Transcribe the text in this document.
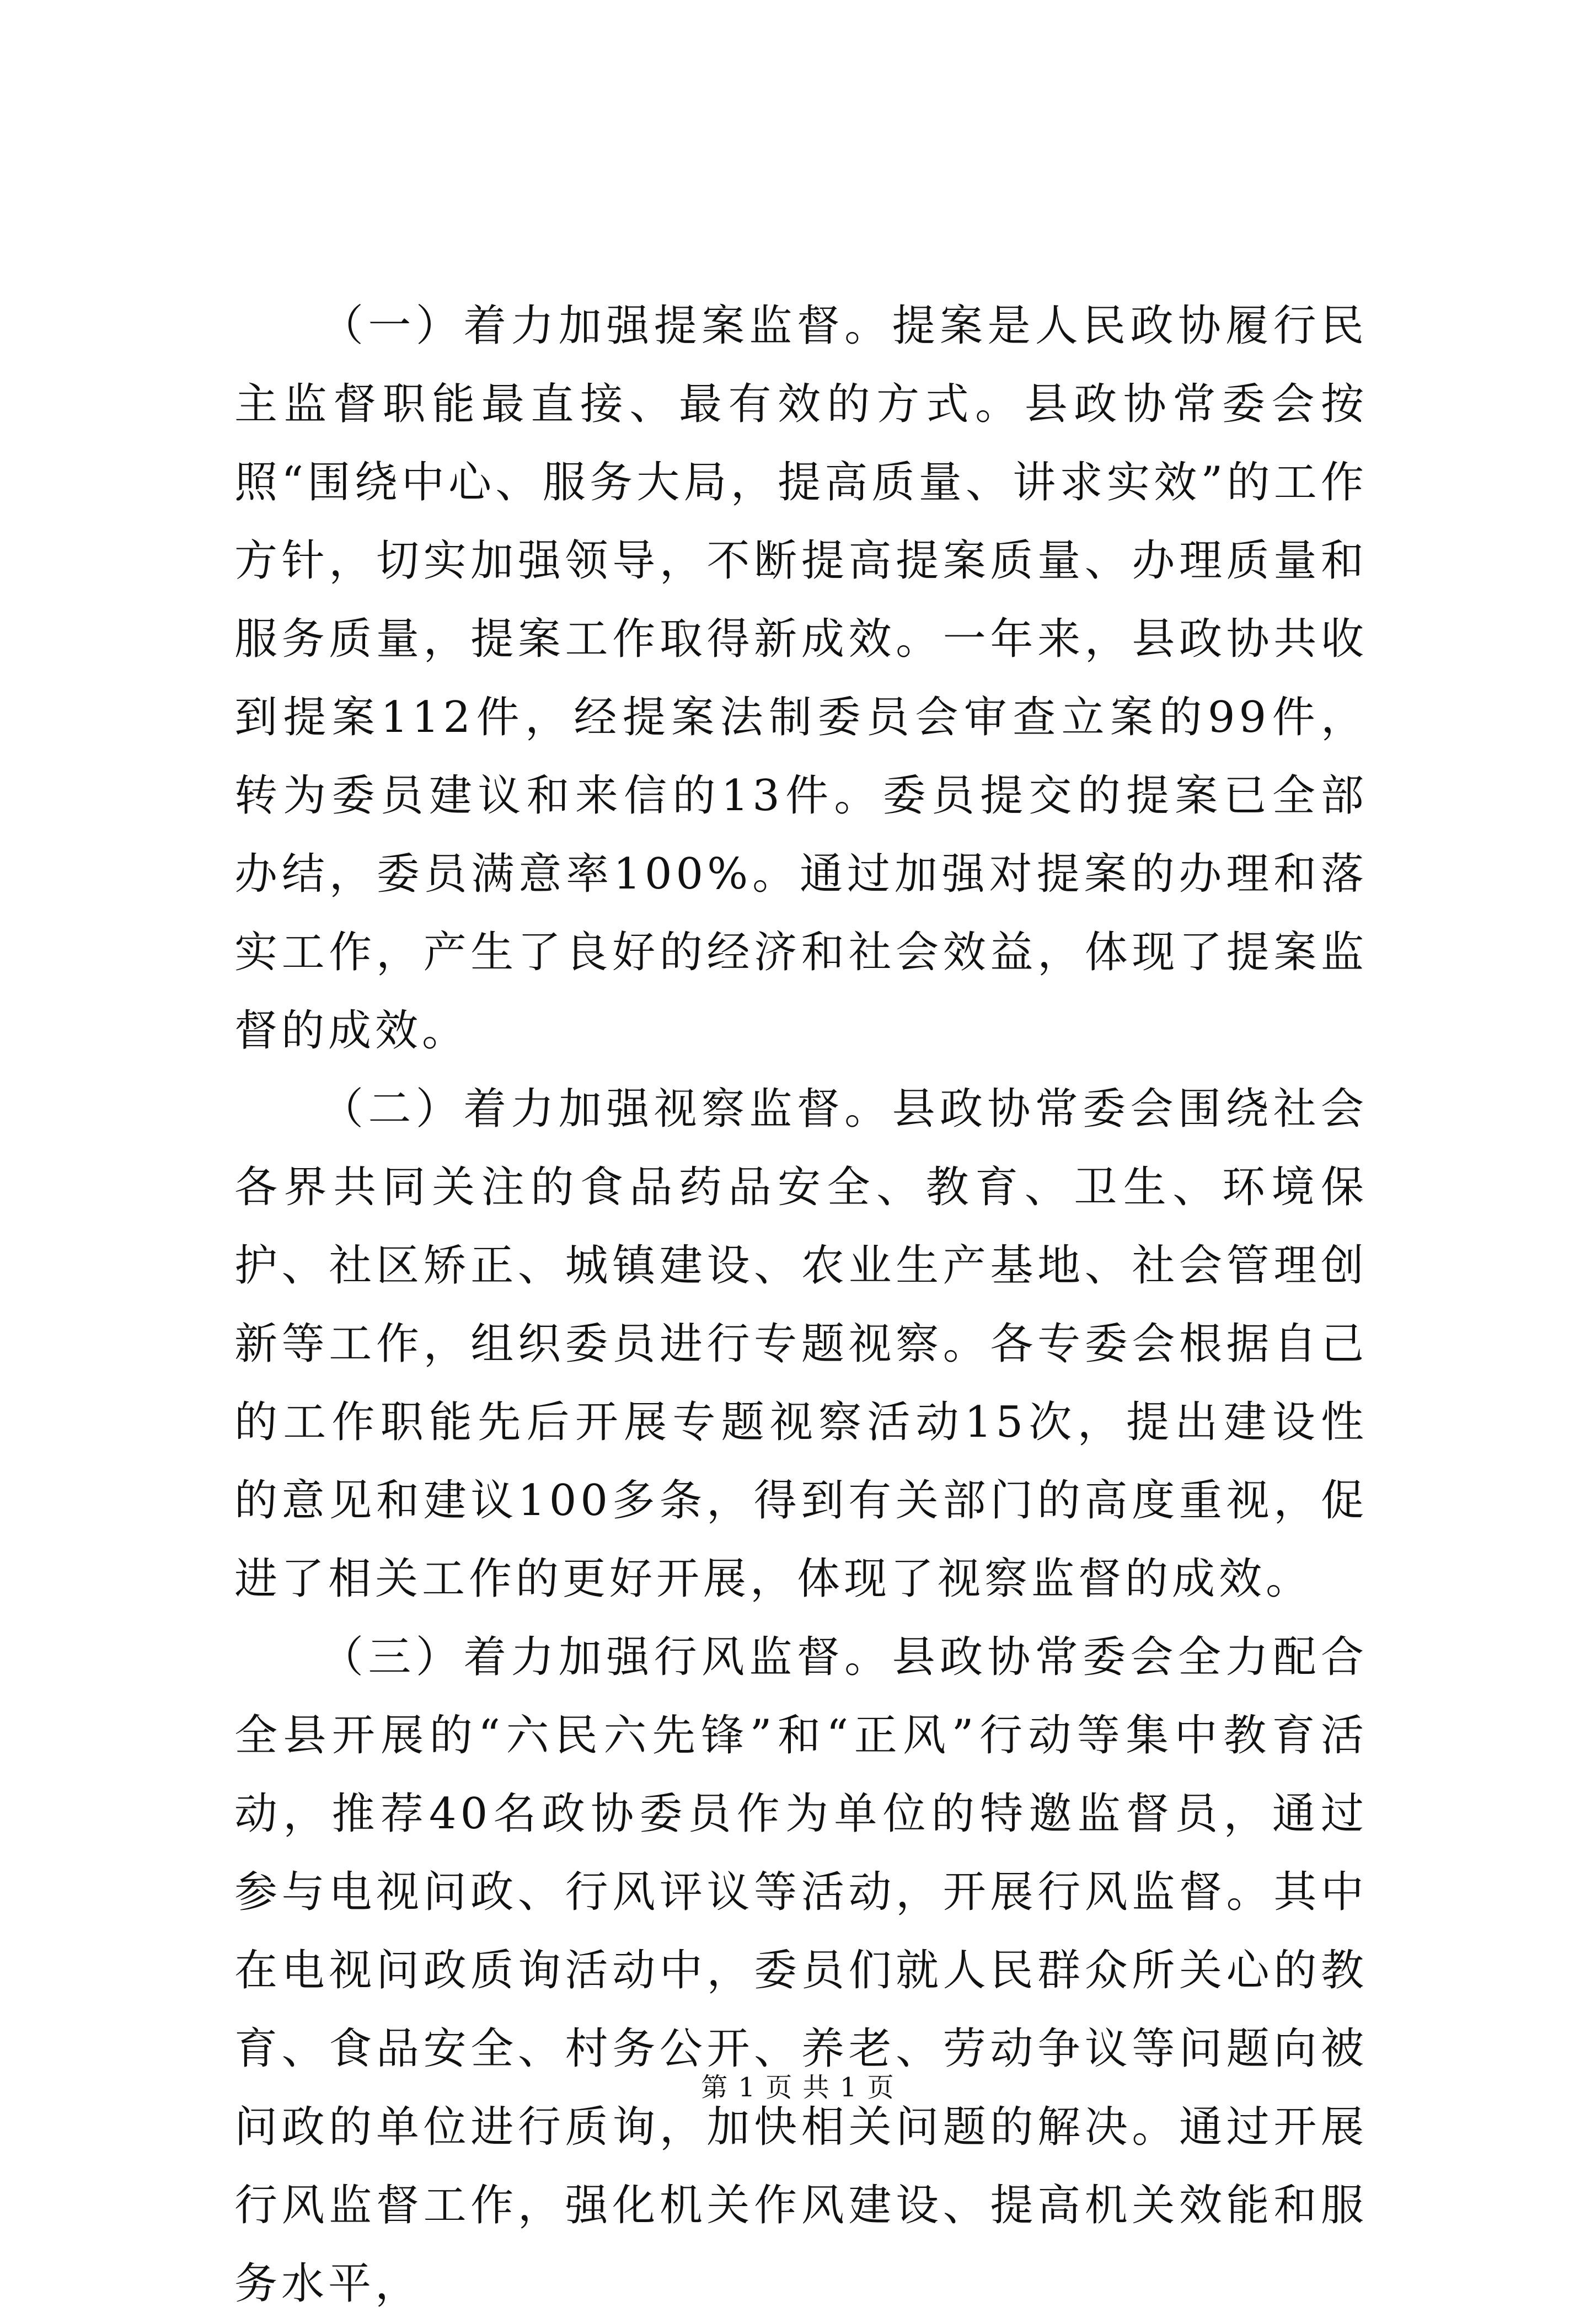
（一）着力加强提案监督。提案是人民政协履行民主监督职能最直接、最有效的方式。县政协常委会按照“围绕中心、服务大局，提高质量、讲求实效”的工作方针，切实加强领导，不断提高提案质量、办理质量和服务质量，提案工作取得新成效。一年来，县政协共收到提案112件，经提案法制委员会审查立案的99件，转为委员建议和来信的13件。委员提交的提案已全部办结，委员满意率100%。通过加强对提案的办理和落实工作，产生了良好的经济和社会效益，体现了提案监督的成效。

（二）着力加强视察监督。县政协常委会围绕社会各界共同关注的食品药品安全、教育、卫生、环境保护、社区矫正、城镇建设、农业生产基地、社会管理创新等工作，组织委员进行专题视察。各专委会根据自己的工作职能先后开展专题视察活动15次，提出建设性的意见和建议100多条，得到有关部门的高度重视，促进了相关工作的更好开展，体现了视察监督的成效。

（三）着力加强行风监督。县政协常委会全力配合全县开展的“六民六先锋”和“正风”行动等集中教育活动，推荐40名政协委员作为单位的特邀监督员，通过参与电视问政、行风评议等活动，开展行风监督。其中在电视问政质询活动中，委员们就人民群众所关心的教育、食品安全、村务公开、养老、劳动争议等问题向被问政的单位进行质询，加快相关问题的解决。通过开展行风监督工作，强化机关作风建设、提高机关效能和服务水平，

第 1 页 共 1 页
